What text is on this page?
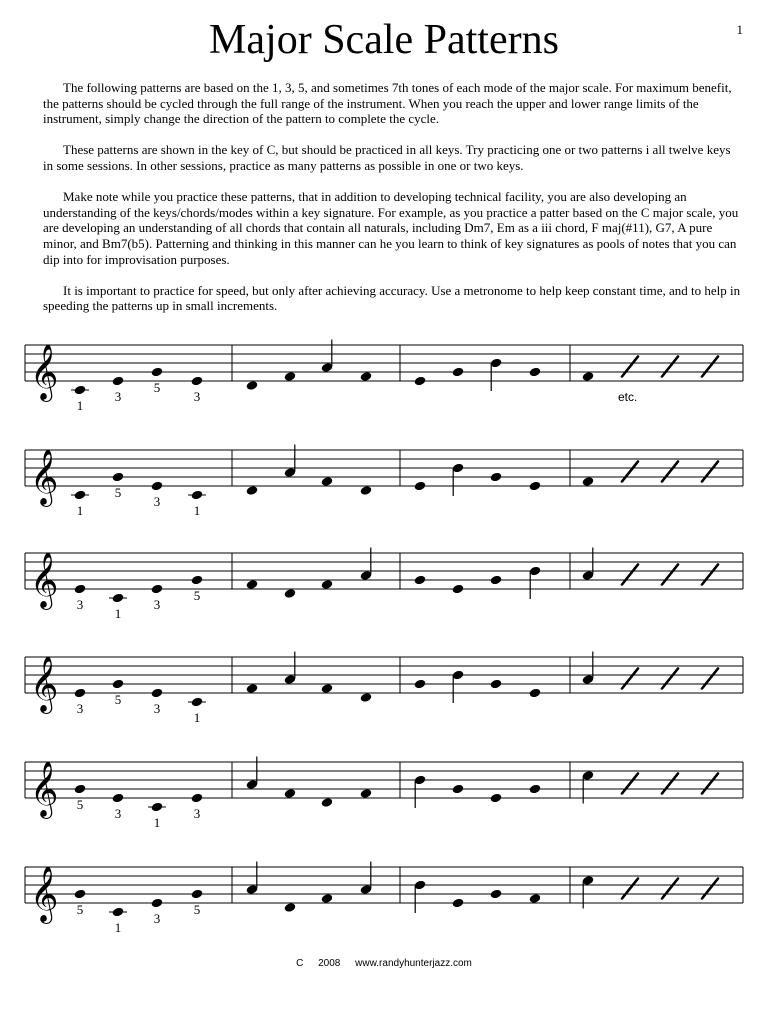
1
Major Scale Patterns

The following patterns are based on the 1, 3, 5, and sometimes 7th tones of each mode of the major scale. For maximum benefit, the patterns should be cycled through the full range of the instrument. When you reach the upper and lower range limits of the instrument, simply change the direction of the pattern to complete the cycle.

These patterns are shown in the key of C, but should be practiced in all keys. Try practicing one or two patterns i all twelve keys in some sessions. In other sessions, practice as many patterns as possible in one or two keys.

Make note while you practice these patterns, that in addition to developing technical facility, you are also developing an understanding of the keys/chords/modes within a key signature. For example, as you practice a patter based on the C major scale, you are developing an understanding of all chords that contain all naturals, including Dm7, Em as a iii chord, F maj(#11), G7, A pure minor, and Bm7(b5). Patterning and thinking in this manner can he you learn to think of key signatures as pools of notes that you can dip into for improvisation purposes.

It is important to practice for speed, but only after achieving accuracy. Use a metronome to help keep constant time, and to help in speeding the patterns up in small increments.

𝄞
1
3
5
3	etc.
𝄞
1
5
3
1
𝄞 3
1
3
5
𝄞 3
5
3
1
𝄞 5
3
1
3
𝄞 5
1
3
5
C 2008 www.randyhunterjazz.com
